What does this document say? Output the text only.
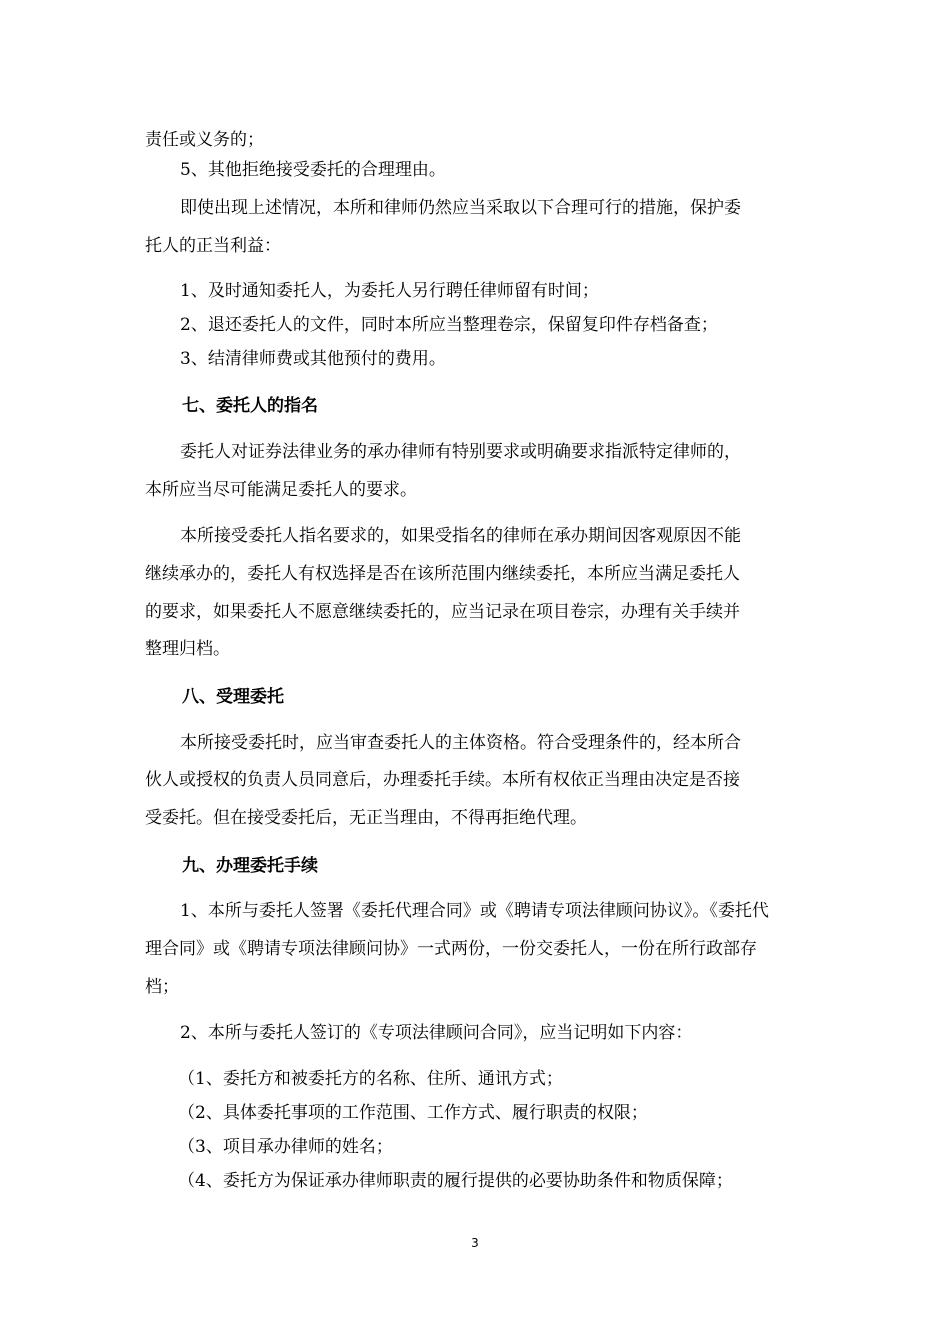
责任或义务的；
5、其他拒绝接受委托的合理理由。
即使出现上述情况，本所和律师仍然应当采取以下合理可行的措施，保护委
托人的正当利益：
1、及时通知委托人，为委托人另行聘任律师留有时间；
2、退还委托人的文件，同时本所应当整理卷宗，保留复印件存档备查；
3、结清律师费或其他预付的费用。
七、委托人的指名
委托人对证券法律业务的承办律师有特别要求或明确要求指派特定律师的，
本所应当尽可能满足委托人的要求。
本所接受委托人指名要求的，如果受指名的律师在承办期间因客观原因不能
继续承办的，委托人有权选择是否在该所范围内继续委托，本所应当满足委托人
的要求，如果委托人不愿意继续委托的，应当记录在项目卷宗，办理有关手续并
整理归档。
八、受理委托
本所接受委托时，应当审查委托人的主体资格。符合受理条件的，经本所合
伙人或授权的负责人员同意后，办理委托手续。本所有权依正当理由决定是否接
受委托。但在接受委托后，无正当理由，不得再拒绝代理。
九、办理委托手续
1、本所与委托人签署《委托代理合同》或《聘请专项法律顾问协议》。《委托代
理合同》或《聘请专项法律顾问协》一式两份，一份交委托人，一份在所行政部存
档；
2、本所与委托人签订的《专项法律顾问合同》，应当记明如下内容：
（1、委托方和被委托方的名称、住所、通讯方式；
（2、具体委托事项的工作范围、工作方式、履行职责的权限；
（3、项目承办律师的姓名；
（4、委托方为保证承办律师职责的履行提供的必要协助条件和物质保障；
3
